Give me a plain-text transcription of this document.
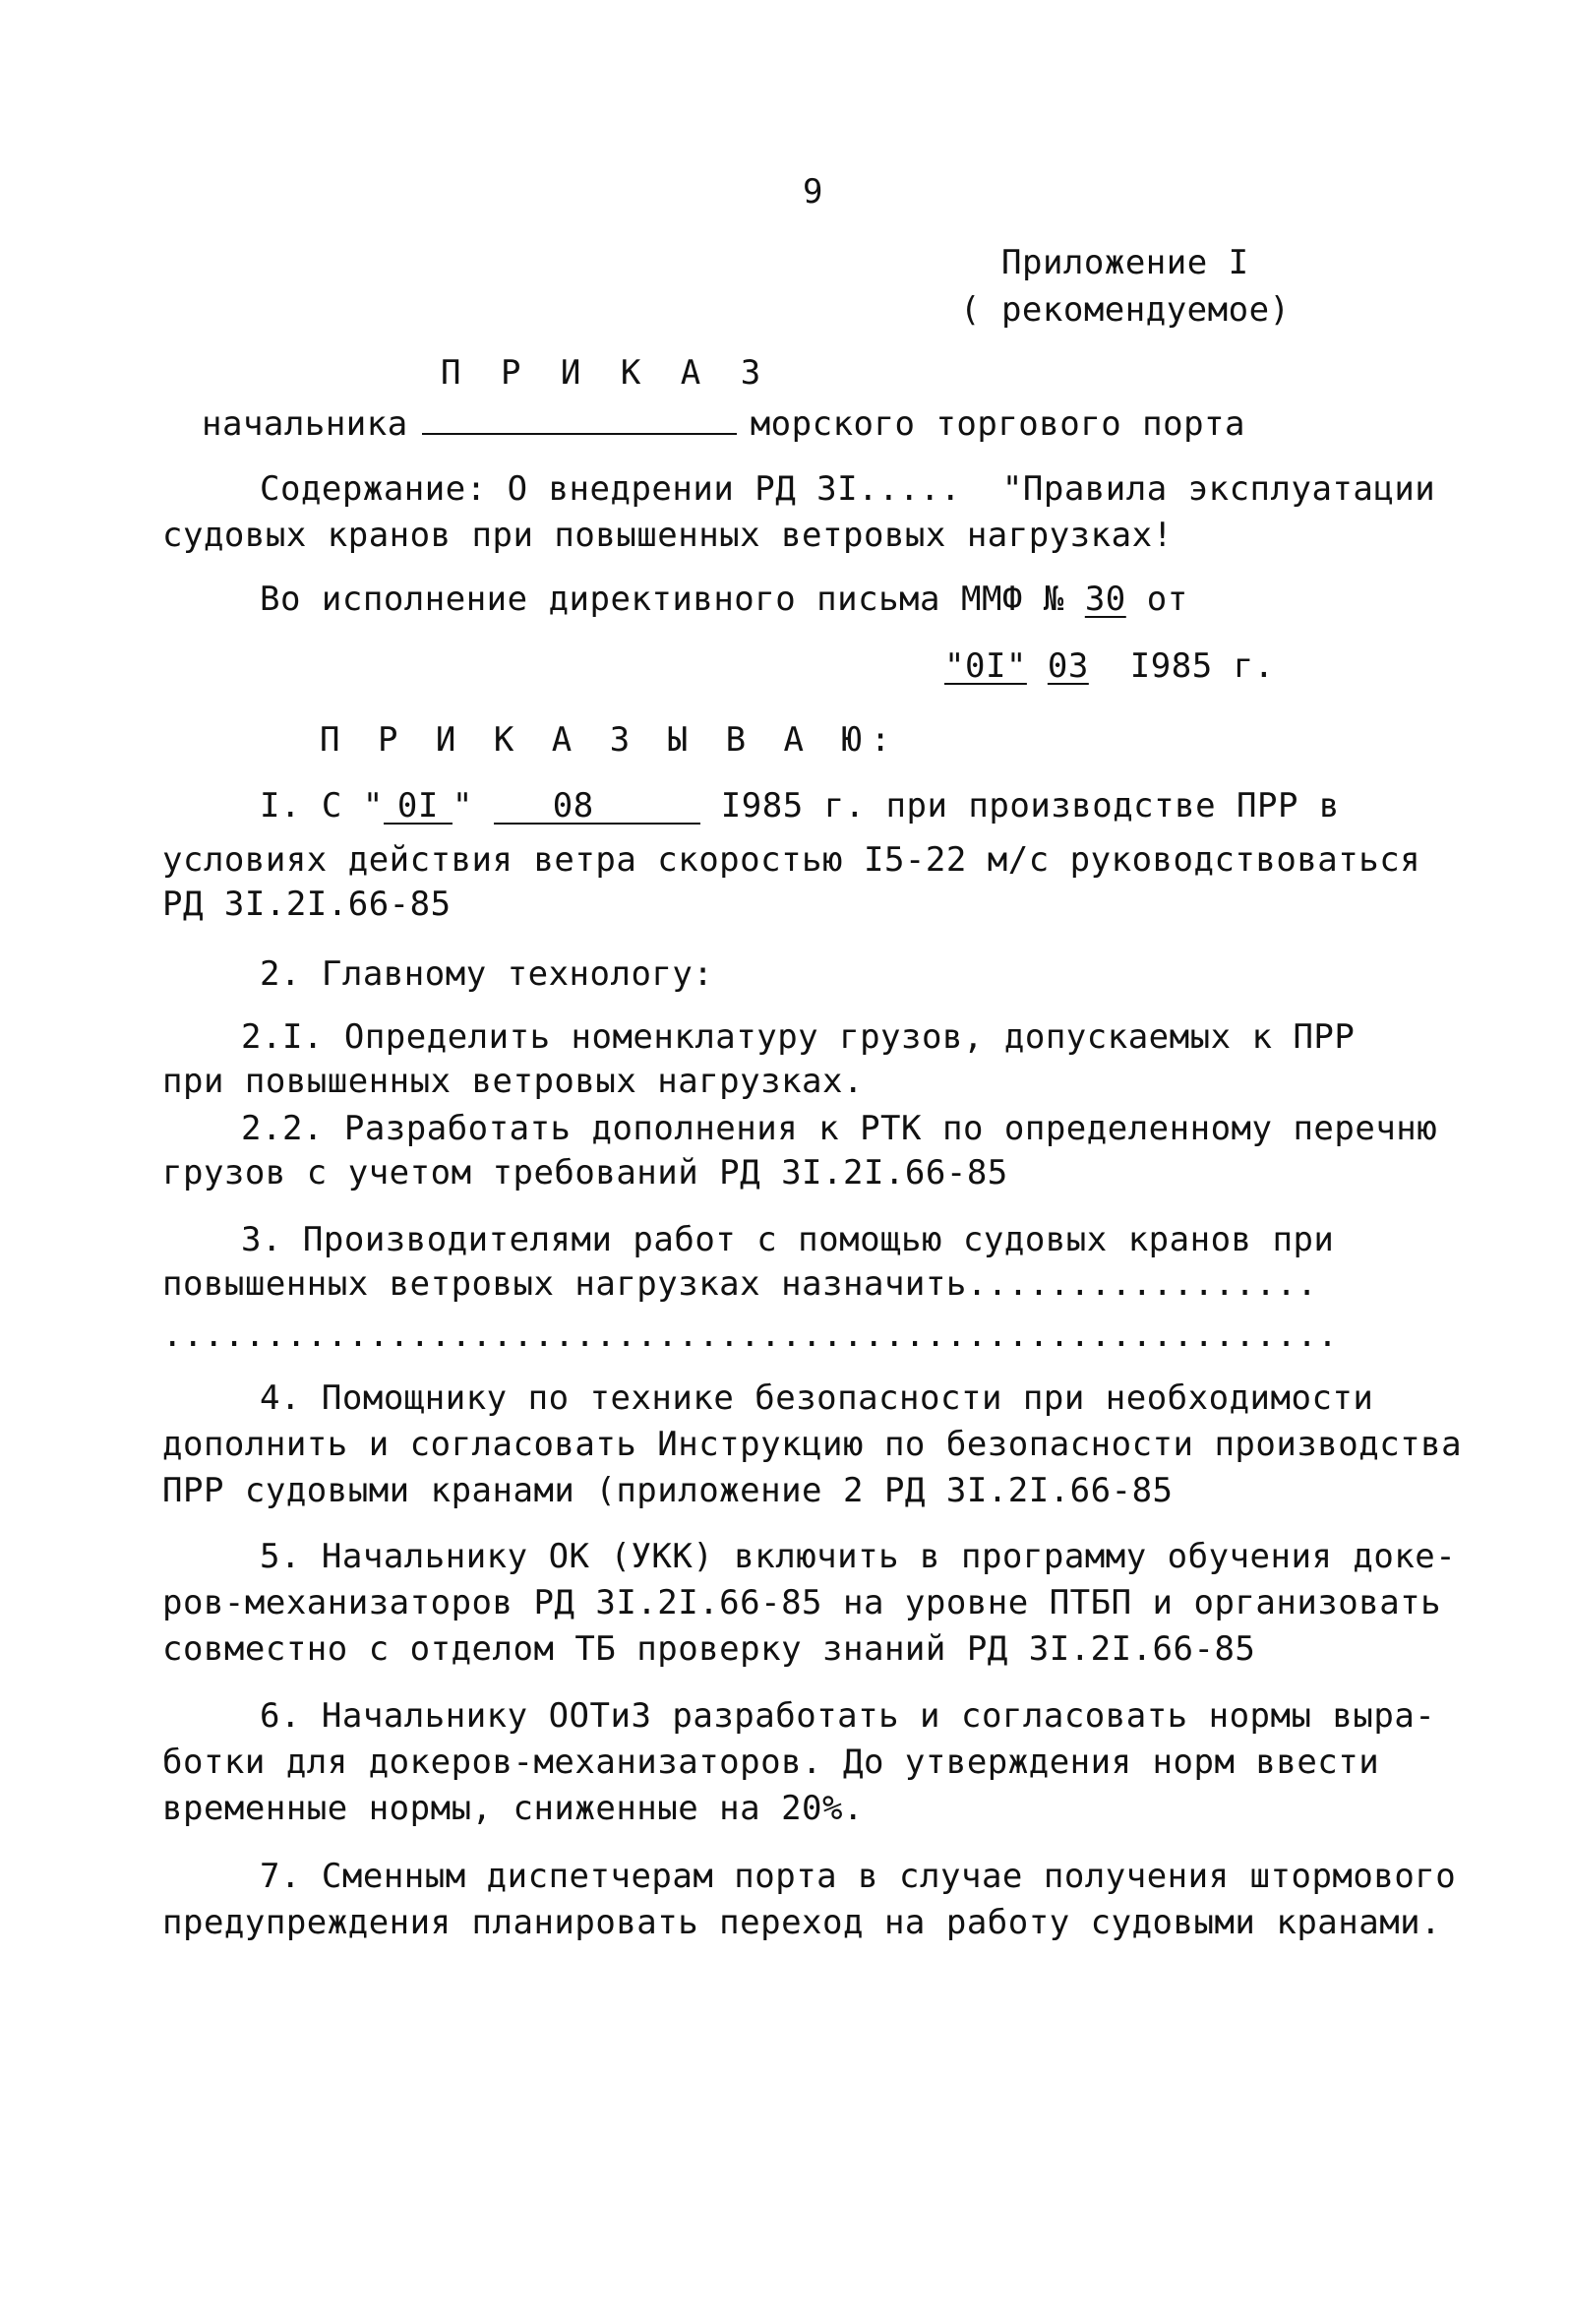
9
Приложение I
( рекомендуемое)
П Р И К А З
начальника	морского торгового порта
Содержа⁠ние: О внедрении РД 3I.....  "Правила эксплуатации
судовых кранов при повышенных ветровых нагрузках!
Во исполнение директивного письма ММФ № 30 от
"0I" 03 I985 г.
П Р И К А З Ы В А Ю:
I. С " 0I " 08	I985 г. при производстве ПРР в
условиях действия ветра скоростью I5-22 м/с руководствоваться
РД 3I.2I.66-85
2. Главному технологу:
2.I. Определить номенклатуру грузов, допускаемых к ПРР
при повышенных ветровых нагрузках.
2.2. Разработать дополнения к РТК по определенному перечню
грузов с учетом требований РД 3I.2I.66-85
3. Производителями работ с помощью судовых кранов при
повышенных ветровых нагрузках назначить.................
.........................................................
4. Помощнику по технике безопасности при необходимости
дополнить и согласовать Инструкцию по безопасности производства
ПРР судовыми кранами (приложение 2 РД 3I.2I.66-85
5. Начальнику ОК (УКК) включить в программу обучения доке-
ров-механизаторов РД 3I.2I.66-85 на уровне ПТБП и организовать
совместно с отделом ТБ проверку знаний РД 3I.2I.66-85
6. Начальнику ООТиЗ разработать и согласовать нормы выра-
ботки для докеров-механизаторов. До утверждения норм ввести
временные нормы, сниженные на 20%.
7. Сменным диспетчерам порта в случае получения штормового
предупреждения планировать переход на работу судовыми кранами.
